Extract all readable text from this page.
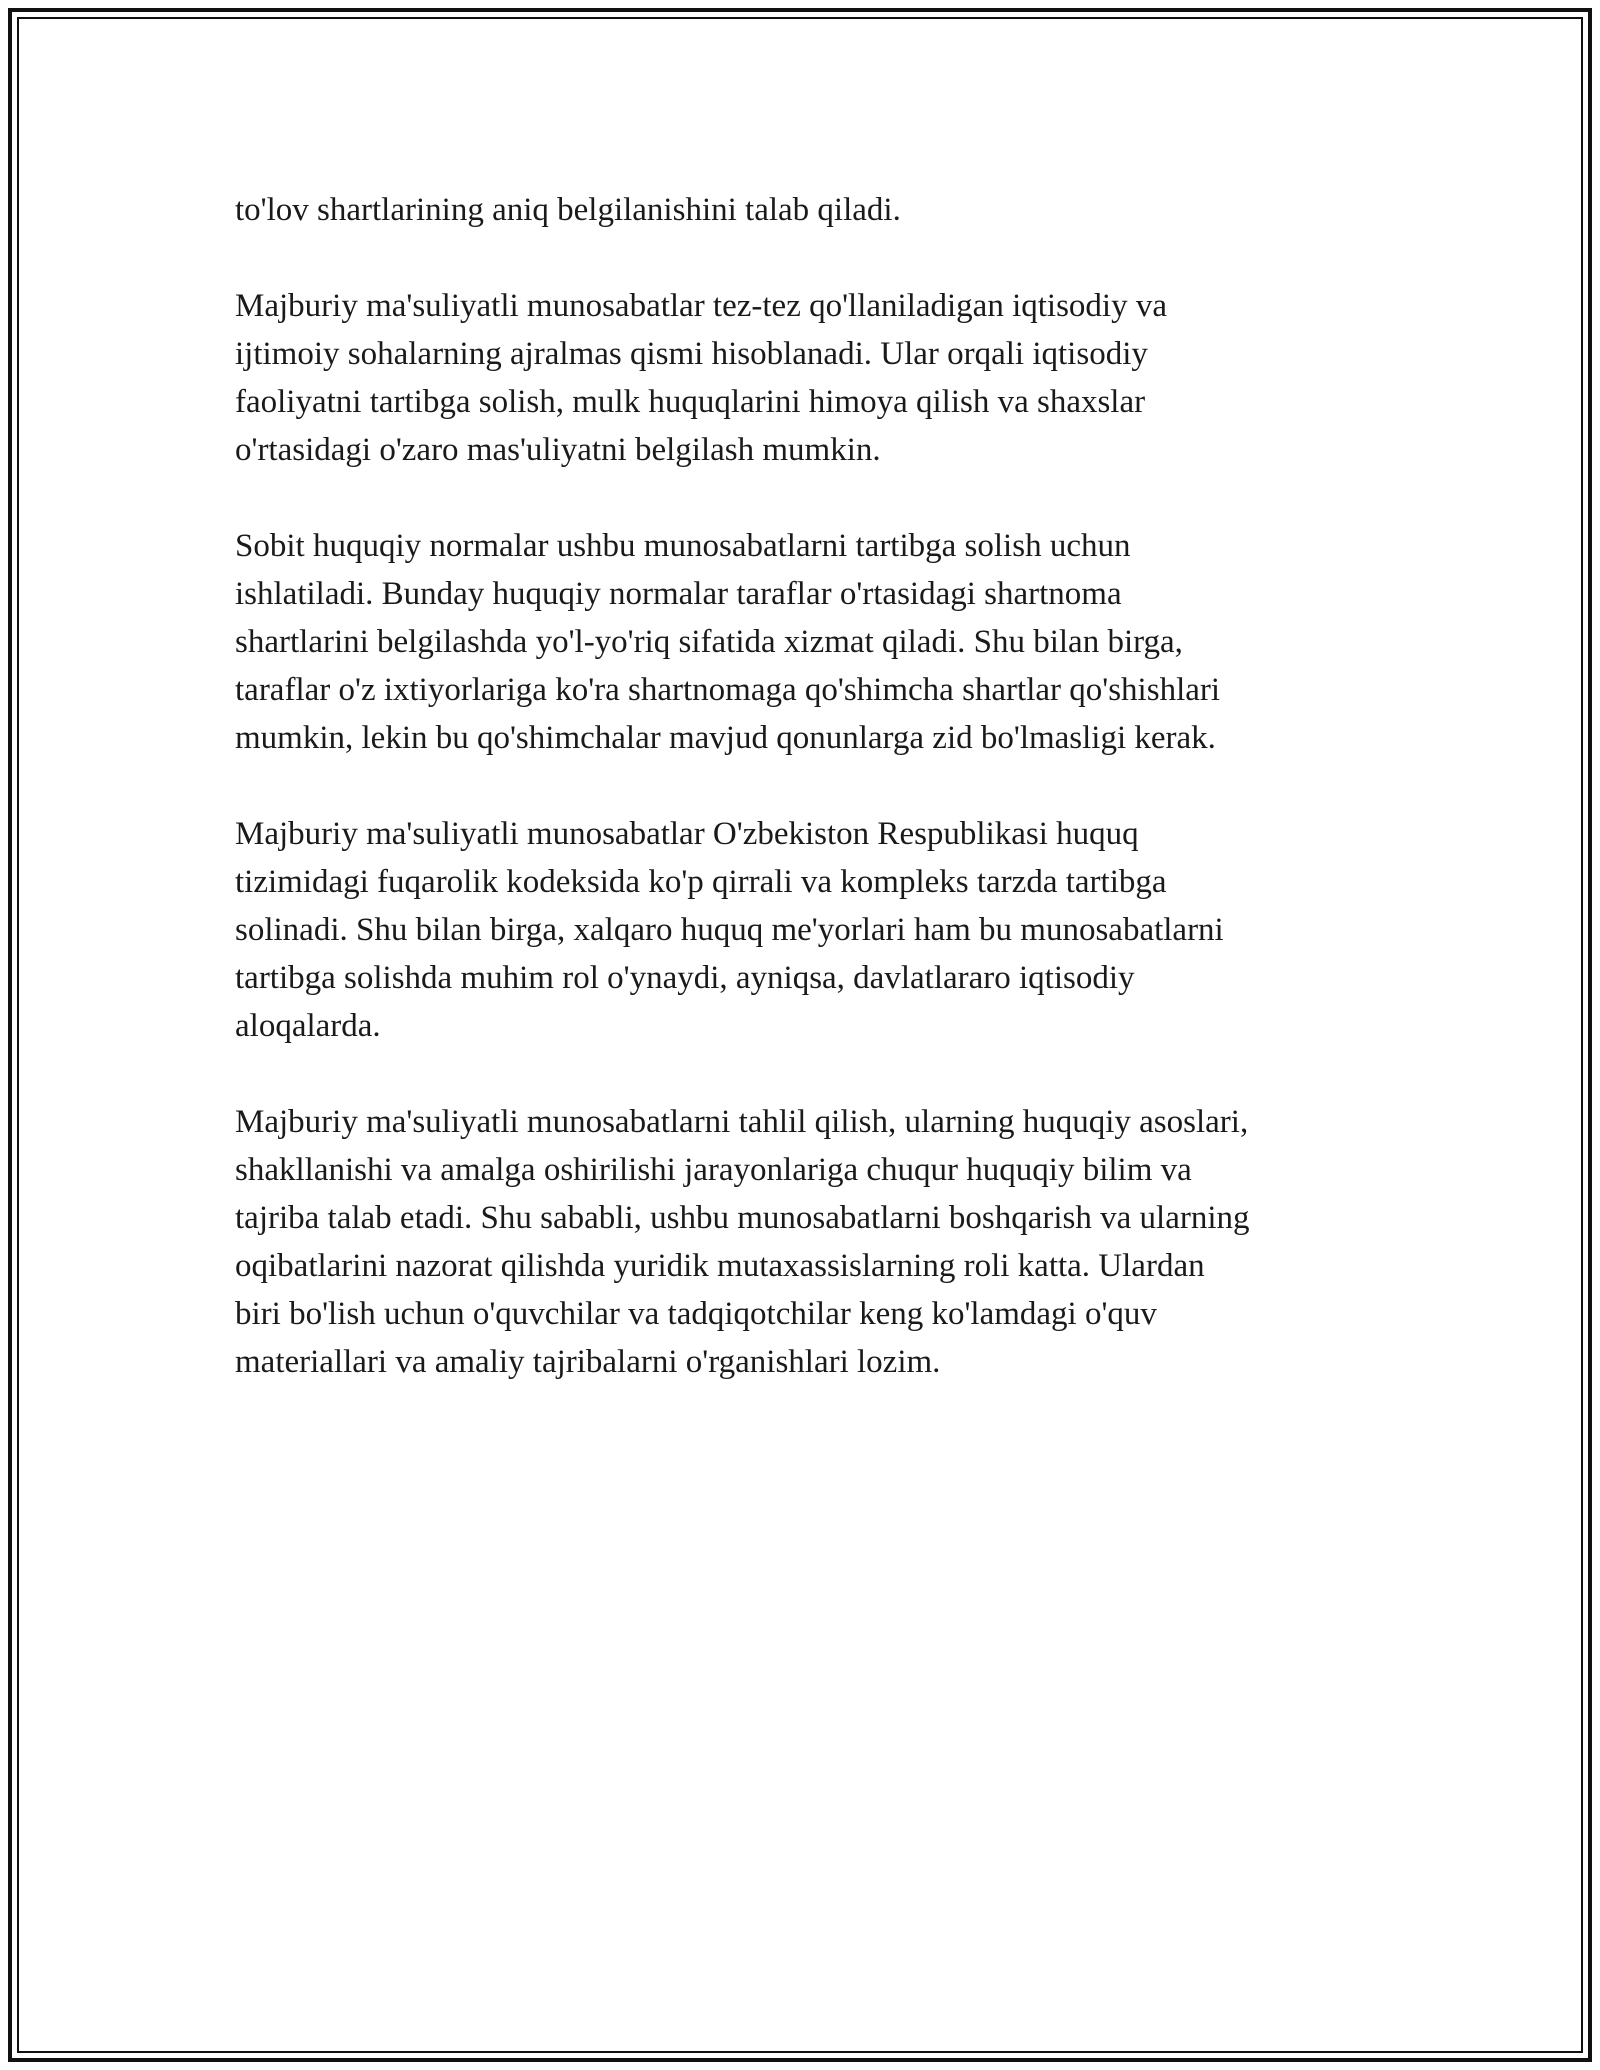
to'lov shartlarining aniq belgilanishini talab qiladi.

Majburiy ma'suliyatli munosabatlar tez-tez qo'llaniladigan iqtisodiy va
ijtimoiy sohalarning ajralmas qismi hisoblanadi. Ular orqali iqtisodiy
faoliyatni tartibga solish, mulk huquqlarini himoya qilish va shaxslar
o'rtasidagi o'zaro mas'uliyatni belgilash mumkin.

Sobit huquqiy normalar ushbu munosabatlarni tartibga solish uchun
ishlatiladi. Bunday huquqiy normalar taraflar o'rtasidagi shartnoma
shartlarini belgilashda yo'l-yo'riq sifatida xizmat qiladi. Shu bilan birga,
taraflar o'z ixtiyorlariga ko'ra shartnomaga qo'shimcha shartlar qo'shishlari
mumkin, lekin bu qo'shimchalar mavjud qonunlarga zid bo'lmasligi kerak.

Majburiy ma'suliyatli munosabatlar O'zbekiston Respublikasi huquq
tizimidagi fuqarolik kodeksida ko'p qirrali va kompleks tarzda tartibga
solinadi. Shu bilan birga, xalqaro huquq me'yorlari ham bu munosabatlarni
tartibga solishda muhim rol o'ynaydi, ayniqsa, davlatlararo iqtisodiy
aloqalarda.

Majburiy ma'suliyatli munosabatlarni tahlil qilish, ularning huquqiy asoslari,
shakllanishi va amalga oshirilishi jarayonlariga chuqur huquqiy bilim va
tajriba talab etadi. Shu sababli, ushbu munosabatlarni boshqarish va ularning
oqibatlarini nazorat qilishda yuridik mutaxassislarning roli katta. Ulardan
biri bo'lish uchun o'quvchilar va tadqiqotchilar keng ko'lamdagi o'quv
materiallari va amaliy tajribalarni o'rganishlari lozim.
